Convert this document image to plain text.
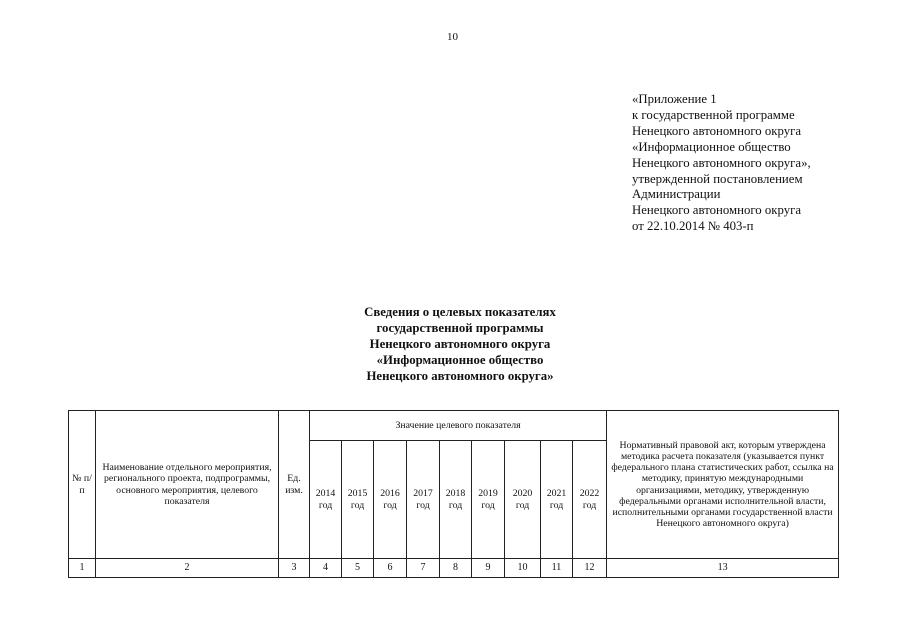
10
«Приложение 1
к государственной программе
Ненецкого автономного округа
«Информационное общество
Ненецкого автономного округа»,
утвержденной постановлением
Администрации
Ненецкого автономного округа
от 22.10.2014 № 403-п
Сведения о целевых показателях
государственной программы
Ненецкого автономного округа
«Информационное общество
Ненецкого автономного округа»
№ п/п	Наименование отдельного мероприятия, регионального проекта, подпрограммы, основного мероприятия, целевого показателя	Ед. изм.	Значение целевого показателя									Нормативный правовой акт, которым утверждена методика расчета показателя (указывается пункт федерального плана статистических работ, ссылка на методику, принятую международными организациями, методику, утвержденную федеральными органами исполнительной власти, исполнительными органами государственной власти Ненецкого автономного округа)
			2014 год	2015 год	2016 год	2017 год	2018 год	2019 год	2020 год	2021 год	2022 год	
1	2	3	4	5	6	7	8	9	10	11	12	13
